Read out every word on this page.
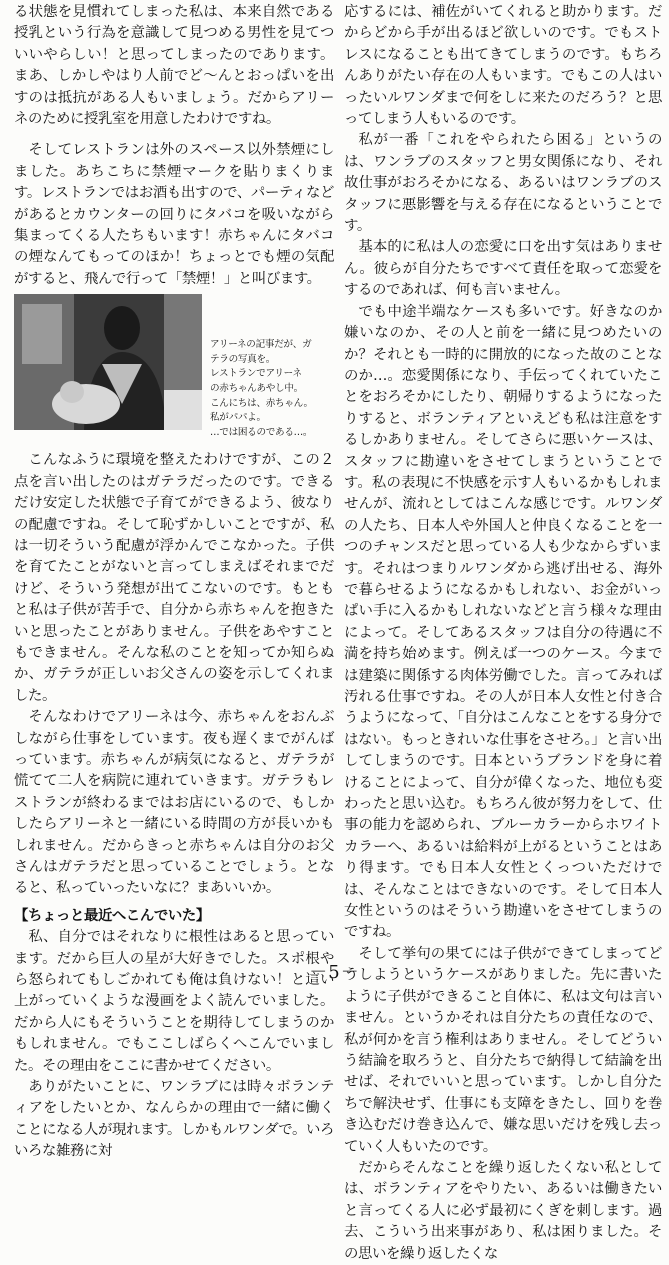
る状態を見慣れてしまった私は、本来自然である授乳という行為を意識して見つめる男性を見てついいやらしい！と思ってしまったのであります。まあ、しかしやはり人前でど～んとおっぱいを出すのは抵抗がある人もいましょう。だからアリーネのために授乳室を用意したわけですね。

そしてレストランは外のスペース以外禁煙にしました。あちこちに禁煙マークを貼りまくります。レストランではお酒も出すので、パーティなどがあるとカウンターの回りにタバコを吸いながら集まってくる人たちもいます！赤ちゃんにタバコの煙なんてもってのほか！ちょっとでも煙の気配がすると、飛んで行って「禁煙！」と叫びます。

アリーネの記事だが、ガ
テラの写真を。
レストランでアリーネ
の赤ちゃんあやし中。
こんにちは、赤ちゃん。
私がパパよ。
…では困るのである…。

こんなふうに環境を整えたわけですが、この２点を言い出したのはガテラだったのです。できるだけ安定した状態で子育てができるよう、彼なりの配慮ですね。そして恥ずかしいことですが、私は一切そういう配慮が浮かんでこなかった。子供を育てたことがないと言ってしまえばそれまでだけど、そういう発想が出てこないのです。もともと私は子供が苦手で、自分から赤ちゃんを抱きたいと思ったことがありません。子供をあやすこともできません。そんな私のことを知ってか知らぬか、ガテラが正しいお父さんの姿を示してくれました。

そんなわけでアリーネは今、赤ちゃんをおんぶしながら仕事をしています。夜も遅くまでがんばっています。赤ちゃんが病気になると、ガテラが慌てて二人を病院に連れていきます。ガテラもレストランが終わるまではお店にいるので、もしかしたらアリーネと一緒にいる時間の方が長いかもしれません。だからきっと赤ちゃんは自分のお父さんはガテラだと思っていることでしょう。となると、私っていったいなに？まあいいか。

【ちょっと最近へこんでいた】

私、自分ではそれなりに根性はあると思っています。だから巨人の星が大好きでした。スポ根やら怒られてもしごかれても俺は負けない！と這い上がっていくような漫画をよく読んでいました。だから人にもそういうことを期待してしまうのかもしれません。でもここしばらくへこんでいました。その理由をここに書かせてください。

ありがたいことに、ワンラブには時々ボランティアをしたいとか、なんらかの理由で一緒に働くことになる人が現れます。しかもルワンダで。いろいろな雑務に対

応するには、補佐がいてくれると助かります。だからどから手が出るほど欲しいのです。でもストレスになることも出てきてしまうのです。もちろんありがたい存在の人もいます。でもこの人はいったいルワンダまで何をしに来たのだろう？と思ってしまう人もいるのです。

私が一番「これをやられたら困る」というのは、ワンラブのスタッフと男女関係になり、それ故仕事がおろそかになる、あるいはワンラブのスタッフに悪影響を与える存在になるということです。

基本的に私は人の恋愛に口を出す気はありません。彼らが自分たちですべて責任を取って恋愛をするのであれば、何も言いません。

でも中途半端なケースも多いです。好きなのか嫌いなのか、その人と前を一緒に見つめたいのか？それとも一時的に開放的になった故のことなのか…。恋愛関係になり、手伝ってくれていたことをおろそかにしたり、朝帰りするようになったりすると、ボランティアといえども私は注意をするしかありません。そしてさらに悪いケースは、スタッフに勘違いをさせてしまうということです。私の表現に不快感を示す人もいるかもしれませんが、流れとしてはこんな感じです。ルワンダの人たち、日本人や外国人と仲良くなることを一つのチャンスだと思っている人も少なからずいます。それはつまりルワンダから逃げ出せる、海外で暮らせるようになるかもしれない、お金がいっぱい手に入るかもしれないなどと言う様々な理由によって。そしてあるスタッフは自分の待遇に不満を持ち始めます。例えば一つのケース。今までは建築に関係する肉体労働でした。言ってみれば汚れる仕事ですね。その人が日本人女性と付き合うようになって、「自分はこんなことをする身分ではない。もっときれいな仕事をさせろ。」と言い出してしまうのです。日本というブランドを身に着けることによって、自分が偉くなった、地位も変わったと思い込む。もちろん彼が努力をして、仕事の能力を認められ、ブルーカラーからホワイトカラーへ、あるいは給料が上がるということはあり得ます。でも日本人女性とくっついただけでは、そんなことはできないのです。そして日本人女性というのはそういう勘違いをさせてしまうのですね。

そして挙句の果てには子供ができてしまってどうしようというケースがありました。先に書いたように子供ができること自体に、私は文句は言いません。というかそれは自分たちの責任なので、私が何かを言う権利はありません。そしてどういう結論を取ろうと、自分たちで納得して結論を出せば、それでいいと思っています。しかし自分たちで解決せず、仕事にも支障をきたし、回りを巻き込むだけ巻き込んで、嫌な思いだけを残し去っていく人もいたのです。

だからそんなことを繰り返したくない私としては、ボランティアをやりたい、あるいは働きたいと言ってくる人に必ず最初にくぎを刺します。過去、こういう出来事があり、私は困りました。その思いを繰り返したくな

－5－
